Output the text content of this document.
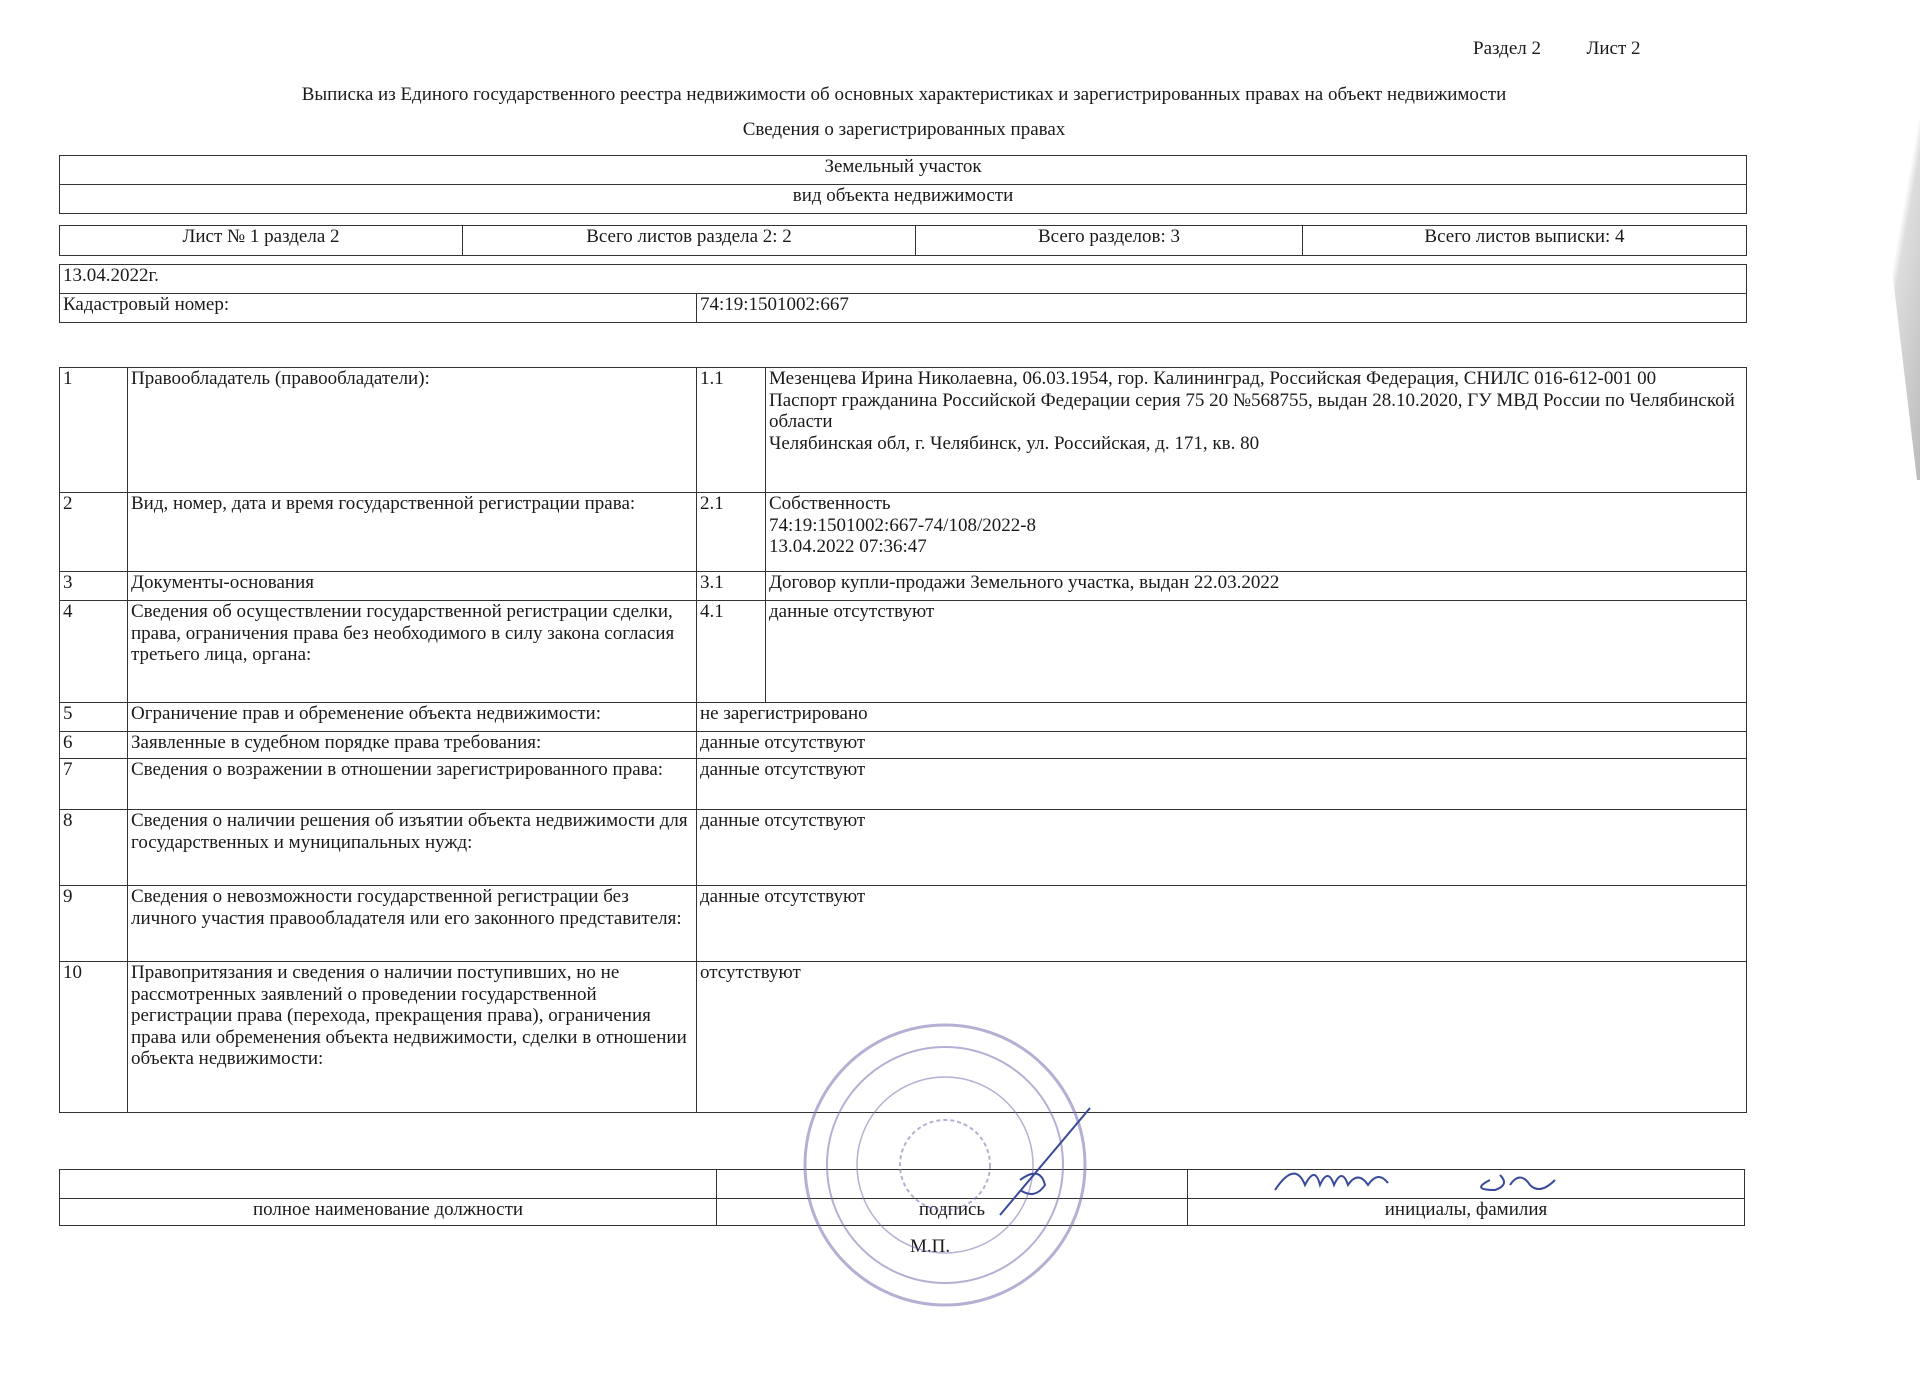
Раздел 2 Лист 2
Выписка из Единого государственного реестра недвижимости об основных характеристиках и зарегистрированных правах на объект недвижимости
Сведения о зарегистрированных правах
Земельный участок
вид объекта недвижимости
Лист № 1 раздела 2	Всего листов раздела 2: 2	Всего разделов: 3	Всего листов выписки: 4
13.04.2022г.
Кадастровый номер:	74:19:1501002:667
1	Правообладатель (правообладатели):	1.1	Мезенцева Ирина Николаевна, 06.03.1954, гор. Калининград, Российская Федерация, СНИЛС 016-612-001 00
Паспорт гражданина Российской Федерации серия 75 20 №568755, выдан 28.10.2020, ГУ МВД России по Челябинской области
Челябинская обл, г. Челябинск, ул. Российская, д. 171, кв. 80

2	Вид, номер, дата и время государственной регистрации права:	2.1	Собственность
74:19:1501002:667-74/108/2022-8
13.04.2022 07:36:47

3	Документы-основания	3.1	Договор купли-продажи Земельного участка, выдан 22.03.2022

4	Сведения об осуществлении государственной регистрации сделки, права, ограничения права без необходимого в силу закона согласия третьего лица, органа:	4.1	данные отсутствуют

5	Ограничение прав и обременение объекта недвижимости:	не зарегистрировано	
6	Заявленные в судебном порядке права требования:	данные отсутствуют	
7	Сведения о возражении в отношении зарегистрированного права:	данные отсутствуют	
8	Сведения о наличии решения об изъятии объекта недвижимости для государственных и муниципальных нужд:	данные отсутствуют	
9	Сведения о невозможности государственной регистрации без личного участия правообладателя или его законного представителя:	данные отсутствуют	
10	Правопритязания и сведения о наличии поступивших, но не рассмотренных заявлений о проведении государственной регистрации права (перехода, прекращения права), ограничения права или обременения объекта недвижимости, сделки в отношении объекта недвижимости:	отсутствуют	

полное наименование должности	подпись	инициалы, фамилия
М.П.
